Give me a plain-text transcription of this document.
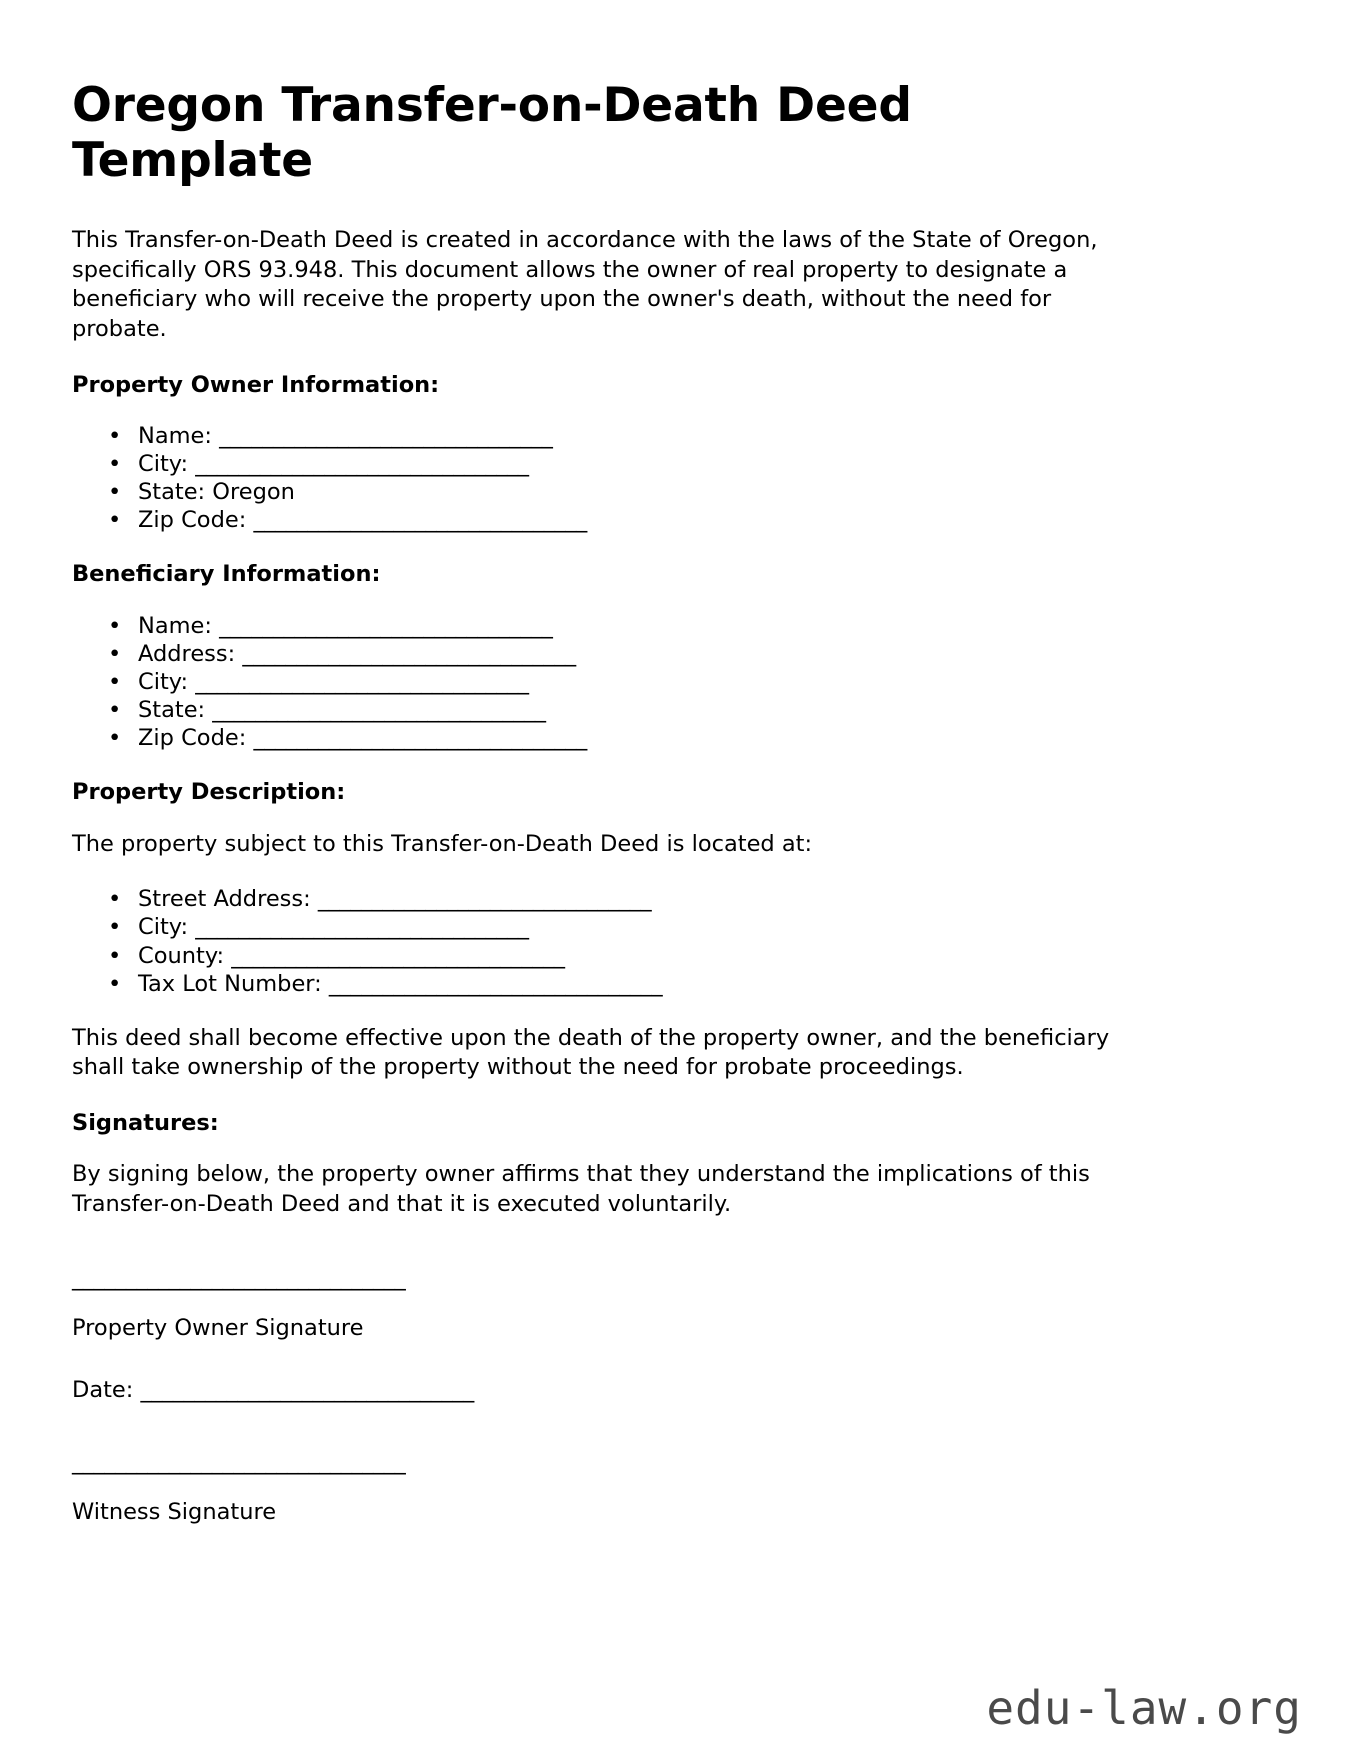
Oregon Transfer-on-Death Deed Template

This Transfer-on-Death Deed is created in accordance with the laws of the State of Oregon, specifically ORS 93.948. This document allows the owner of real property to designate a beneficiary who will receive the property upon the owner's death, without the need for probate.

Property Owner Information:
• Name: _______________________________
• City: _______________________________
• State: Oregon
• Zip Code: _______________________________
Beneficiary Information:
• Name: _______________________________
• Address: _______________________________
• City: _______________________________
• State: _______________________________
• Zip Code: _______________________________
Property Description:

The property subject to this Transfer-on-Death Deed is located at:

• Street Address: _______________________________
• City: _______________________________
• County: _______________________________
• Tax Lot Number: _______________________________

This deed shall become effective upon the death of the property owner, and the beneficiary shall take ownership of the property without the need for probate proceedings.

Signatures:

By signing below, the property owner affirms that they understand the implications of this Transfer-on-Death Deed and that it is executed voluntarily.

_______________________________
Property Owner Signature
Date: _______________________________
_______________________________
Witness Signature
edu-law.org
